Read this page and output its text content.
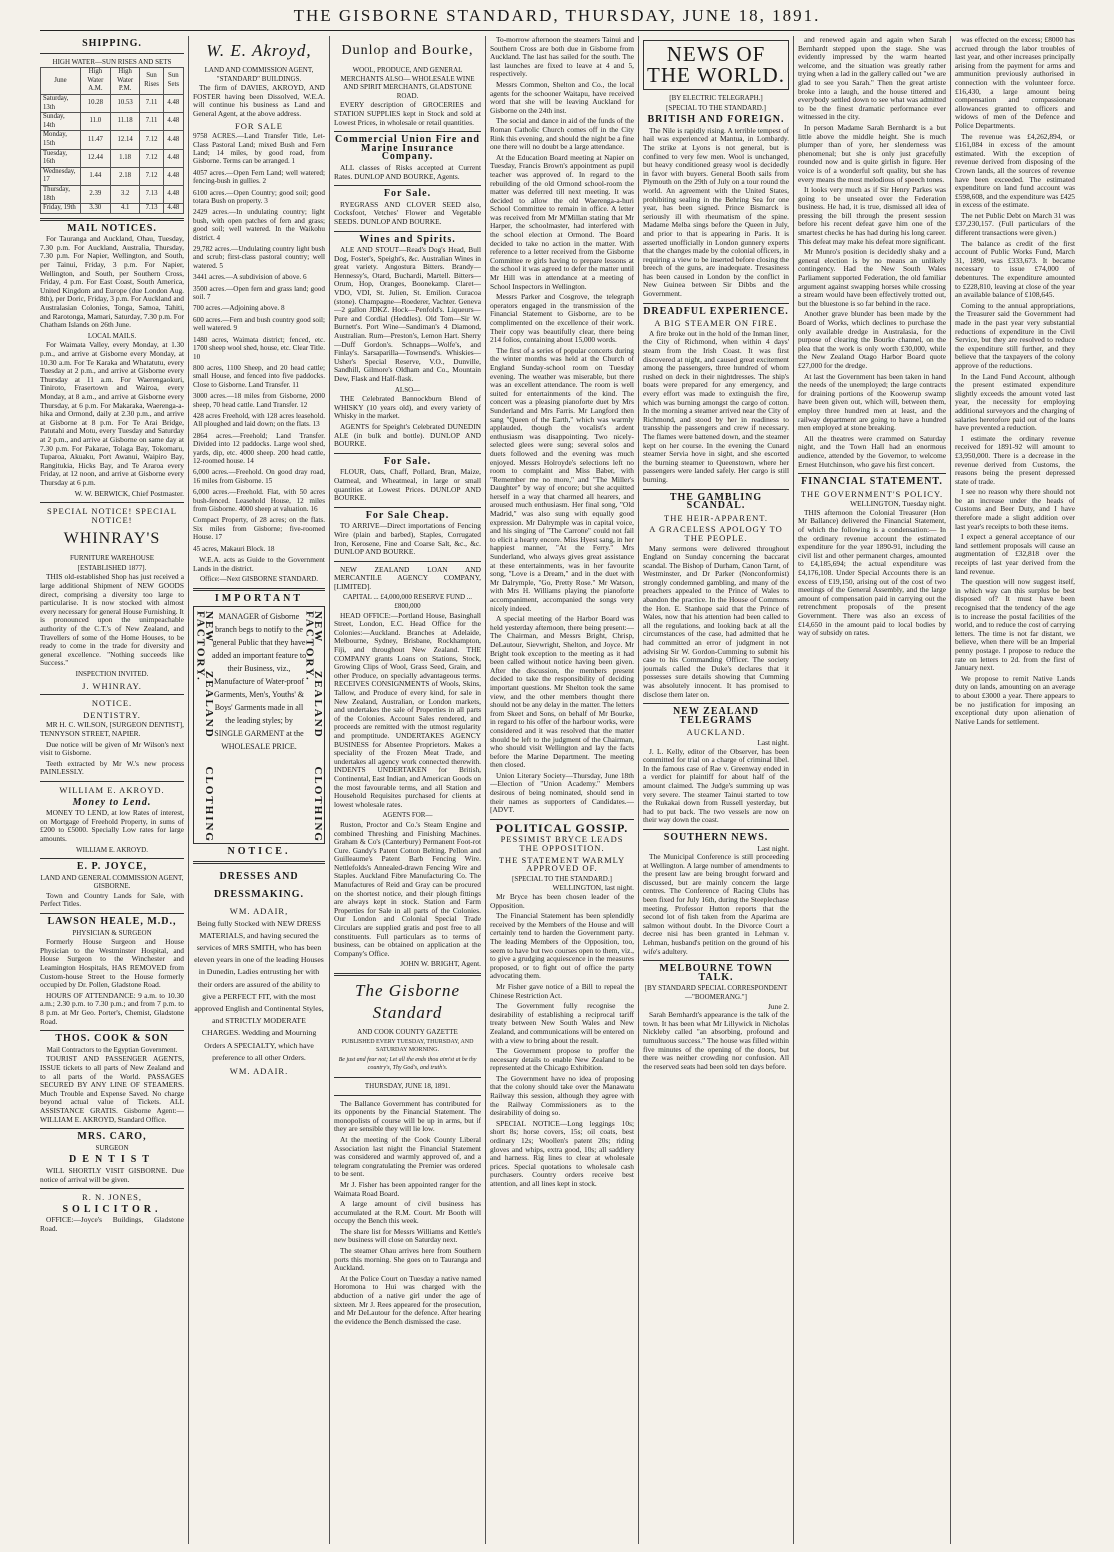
THE GISBORNE STANDARD, THURSDAY, JUNE 18, 1891.
SHIPPING.
HIGH WATER—SUN RISES AND SETS
June	High Water A.M.	High Water P.M.	Sun Rises	Sun Sets
Saturday, 13th	10.28	10.53	7.11	4.48
Sunday, 14th	11.0	11.18	7.11	4.48
Monday, 15th	11.47	12.14	7.12	4.48
Tuesday, 16th	12.44	1.18	7.12	4.48
Wednesday, 17	1.44	2.18	7.12	4.48
Thursday, 18th	2.39	3.2	7.13	4.48
Friday, 19th	3.30	4.1	7.13	4.48
MAIL NOTICES.

For Tauranga and Auckland, Ohau, Tuesday, 7.30 p.m. For Auckland, Australia, Thursday, 7.30 p.m. For Napier, Wellington, and South, per Tainui, Friday, 3 p.m. For Napier, Wellington, and South, per Southern Cross, Friday, 4 p.m. For East Coast, South America, United Kingdom and Europe (due London Aug. 8th), per Doric, Friday, 3 p.m. For Auckland and Australasian Colonies, Tonga, Samoa, Tahiti, and Rarotonga, Mamari, Saturday, 7.30 p.m. For Chatham Islands on 26th June.

LOCAL MAILS.

For Waimata Valley, every Monday, at 1.30 p.m., and arrive at Gisborne every Monday, at 10.30 a.m. For Te Karaka and Whatatutu, every Tuesday at 2 p.m., and arrive at Gisborne every Thursday at 11 a.m. For Waerengaokuri, Tiniroto, Frasertown and Wairoa, every Monday, at 8 a.m., and arrive at Gisborne every Thursday, at 6 p.m. For Makaraka, Waerenga-a-hika and Ormond, daily at 2.30 p.m., and arrive at Gisborne at 8 p.m. For Te Arai Bridge, Patutahi and Motu, every Tuesday and Saturday at 2 p.m., and arrive at Gisborne on same day at 7.30 p.m. For Pakarae, Tolaga Bay, Tokomaru, Tuparoa, Akuaku, Port Awanui, Waipiro Bay, Rangitukia, Hicks Bay, and Te Araroa every Friday, at 12 noon, and arrive at Gisborne every Thursday at 6 p.m.

W. W. BERWICK, Chief Postmaster.
SPECIAL NOTICE! SPECIAL NOTICE!
WHINRAY'S
FURNITURE WAREHOUSE
[ESTABLISHED 1877].

THIS old-established Shop has just received a large additional Shipment of NEW GOODS direct, comprising a diversity too large to particularise. It is now stocked with almost every necessary for general House Furnishing. It is pronounced upon the unimpeachable authority of the C.T.'s of New Zealand, and Travellers of some of the Home Houses, to be ready to come in the trade for diversity and general excellence. "Nothing succeeds like Success."

INSPECTION INVITED.
J. WHINRAY.
NOTICE.
DENTISTRY.

MR H. C. WILSON, [SURGEON DENTIST], TENNYSON STREET, NAPIER.

Due notice will be given of Mr Wilson's next visit to Gisborne.

Teeth extracted by Mr W.'s new process PAINLESSLY.

WILLIAM E. AKROYD.
Money to Lend.

MONEY TO LEND, at low Rates of interest, on Mortgage of Freehold Property, in sums of £200 to £5000. Specially Low rates for large amounts.

WILLIAM E. AKROYD.
E. P. JOYCE,
LAND AND GENERAL COMMISSION AGENT, GISBORNE.

Town and Country Lands for Sale, with Perfect Titles.

LAWSON HEALE, M.D.,
PHYSICIAN & SURGEON

Formerly House Surgeon and House Physician to the Westminster Hospital, and House Surgeon to the Winchester and Leamington Hospitals, HAS REMOVED from Custom-house Street to the House formerly occupied by Dr. Pollen, Gladstone Road.

HOURS OF ATTENDANCE: 9 a.m. to 10.30 a.m.; 2.30 p.m. to 7.30 p.m.; and from 7 p.m. to 8 p.m. at Mr Geo. Porter's, Chemist, Gladstone Road.

THOS. COOK & SON
Mail Contractors to the Egyptian Government.

TOURIST AND PASSENGER AGENTS, ISSUE tickets to all parts of New Zealand and to all parts of the World. PASSAGES SECURED BY ANY LINE OF STEAMERS. Much Trouble and Expense Saved. No charge beyond actual value of Tickets. ALL ASSISTANCE GRATIS. Gisborne Agent:—WILLIAM E. AKROYD, Standard Office.

MRS. CARO,
SURGEON
DENTIST

WILL SHORTLY VISIT GISBORNE. Due notice of arrival will be given.

R. N. JONES,
SOLICITOR.

OFFICE:—Joyce's Buildings, Gladstone Road.

W. E. Akroyd,
LAND AND COMMISSION AGENT, "STANDARD" BUILDINGS.

The firm of DAVIES, AKROYD, AND FOSTER having been Dissolved, W.E.A. will continue his business as Land and General Agent, at the above address.

FOR SALE
9758 ACRES.—Land Transfer Title, Let-Class Pastoral Land; mixed Bush and Fern Land; 14 miles, by good road, from Gisborne. Terms can be arranged. 1
4057 acres.—Open Fern Land; well watered; fencing-bush in gullies. 2
6100 acres.—Open Country; good soil; good totara Bush on property. 3
2429 acres.—In undulating country; light bush, with open patches of fern and grass; good soil; well watered. In the Waikohu district. 4
29,782 acres.—Undulating country light bush and scrub; first-class pastoral country; well watered. 5
3441 acres.—A subdivision of above. 6
3500 acres.—Open fern and grass land; good soil. 7
700 acres.—Adjoining above. 8
600 acres.—Fern and bush country good soil; well watered. 9
1480 acres, Waimata district; fenced, etc. 1700 sheep wool shed, house, etc. Clear Title. 10
800 acres, 1100 Sheep, and 20 head cattle; small House, and fenced into five paddocks. Close to Gisborne. Land Transfer. 11
3000 acres.—18 miles from Gisborne, 2000 sheep, 70 head cattle. Land Transfer. 12
428 acres Freehold, with 128 acres leasehold. All ploughed and laid down; on the flats. 13
2864 acres.—Freehold; Land Transfer. Divided into 12 paddocks. Large wool shed, yards, dip, etc. 4000 sheep. 200 head cattle, 12-roomed house. 14
6,000 acres.—Freehold. On good dray road, 16 miles from Gisborne. 15
6,000 acres.—Freehold. Flat, with 50 acres bush-fenced. Leasehold House, 12 miles from Gisborne. 4000 sheep at valuation. 16
Compact Property, of 28 acres; on the flats. Six miles from Gisborne; five-roomed House. 17
45 acres, Makauri Block. 18

W.E.A. acts as Guide to the Government Lands in the district.

Office:—Next GISBORNE STANDARD.
IMPORTANT
NEW ZEALAND CLOTHING FACTORY.	NEW ZEALAND CLOTHING FACTORY.

MANAGER of Gisborne branch begs to notify to the general Public that they have added an important feature to their Business, viz., Manufacture of Water-proof Garments, Men's, Youths' & Boys' Garments made in all the leading styles; by SINGLE GARMENT at the WHOLESALE PRICE.

NOTICE.
DRESSES AND DRESSMAKING.
WM. ADAIR,

Being fully Stocked with NEW DRESS MATERIALS, and having secured the services of MRS SMITH, who has been eleven years in one of the leading Houses in Dunedin, Ladies entrusting her with their orders are assured of the ability to give a PERFECT FIT, with the most approved English and Continental Styles, and STRICTLY MODERATE CHARGES. Wedding and Mourning Orders A SPECIALTY, which have preference to all other Orders.

WM. ADAIR.
Dunlop and Bourke,
WOOL, PRODUCE, AND GENERAL MERCHANTS ALSO— WHOLESALE WINE AND SPIRIT MERCHANTS, GLADSTONE ROAD.

EVERY description of GROCERIES and STATION SUPPLIES kept in Stock and sold at Lowest Prices, in wholesale or retail quantities.

Commercial Union Fire and Marine Insurance Company.

ALL classes of Risks accepted at Current Rates. DUNLOP AND BOURKE, Agents.

For Sale.

RYEGRASS AND CLOVER SEED also, Cocksfoot, Vetches' Flower and Vegetable SEEDS. DUNLOP AND BOURKE.

Wines and Spirits.

ALE AND STOUT—Read's Dog's Head, Bull Dog, Foster's, Speight's, &c. Australian Wines in great variety. Angostura Bitters. Brandy—Hennessy's, Otard, Buchardi, Martell. Bitters—Orum, Hop, Oranges, Boonekamp. Claret—VDO, VDI, St. Julien, St. Emilion. Curacoa (stone). Champagne—Roederer, Vachter. Geneva—2 gallon JDKZ. Hock—Penfold's. Liqueurs—Pure and Cordial (Heddles). Old Tom—Sir W. Burnett's. Port Wine—Sandiman's 4 Diamond, Australian. Rum—Preston's, Lemon Hart. Sherry—Duff Gordon's. Schnapps—Wolfe's, and Finlay's. Sarsaparilla—Townsend's. Whiskies—Usher's Special Reserve, V.O., Dunville, Sandhill, Gilmore's Oldham and Co., Mountain Dew, Flask and Half-flask.

ALSO—

THE Celebrated Bannockburn Blend of WHISKY (10 years old), and every variety of Whisky in the market.

AGENTS for Speight's Celebrated DUNEDIN ALE (in bulk and bottle). DUNLOP AND BOURKE.

For Sale.

FLOUR, Oats, Chaff, Pollard, Bran, Maize, Oatmeal, and Wheatmeal, in large or small quantities at Lowest Prices. DUNLOP AND BOURKE.

For Sale Cheap.

TO ARRIVE—Direct importations of Fencing Wire (plain and barbed), Staples, Corrugated Iron, Kerosene, Fine and Coarse Salt, &c., &c. DUNLOP AND BOURKE.

NEW ZEALAND LOAN AND MERCANTILE AGENCY COMPANY, [LIMITED].

CAPITAL ... £4,000,000 RESERVE FUND ... £800,000

HEAD OFFICE:—Portland House, Basinghall Street, London, E.C. Head Office for the Colonies:—Auckland. Branches at Adelaide, Melbourne, Sydney, Brisbane, Rockhampton, Fiji, and throughout New Zealand. THE COMPANY grants Loans on Stations, Stock, Growing Clips of Wool, Grass Seed, Grain, and other Produce, on specially advantageous terms. RECEIVES CONSIGNMENTS of Wools, Skins, Tallow, and Produce of every kind, for sale in New Zealand, Australian, or London markets, and undertakes the sale of Properties in all parts of the Colonies. Account Sales rendered, and proceeds are remitted with the utmost regularity and promptitude. UNDERTAKES AGENCY BUSINESS for Absentee Proprietors. Makes a speciality of the Frozen Meat Trade, and undertakes all agency work connected therewith. INDENTS UNDERTAKEN for British, Continental, East Indian, and American Goods on the most favourable terms, and all Station and Household Requisites purchased for clients at lowest wholesale rates.

AGENTS FOR—

Ruston, Proctor and Co.'s Steam Engine and combined Threshing and Finishing Machines. Graham & Co's (Canterbury) Permanent Foot-rot Cure. Gandy's Patent Cotton Belting. Pellon and Guilleaume's Patent Barb Fencing Wire. Nettlefolds's Annealed-drawn Fencing Wire and Staples. Auckland Fibre Manufacturing Co. The Manufactures of Reid and Gray can be procured on the shortest notice, and their plough fittings are always kept in stock. Station and Farm Properties for Sale in all parts of the Colonies. Our London and Colonial Special Trade Circulars are supplied gratis and post free to all constituents. Full particulars as to terms of business, can be obtained on application at the Company's Office.

JOHN W. BRIGHT, Agent.
The Gisborne Standard
AND COOK COUNTY GAZETTE
PUBLISHED EVERY TUESDAY, THURSDAY, AND SATURDAY MORNING.
Be just and fear not; Let all the ends thou aim'st at be thy country's, Thy God's, and truth's.
THURSDAY, JUNE 18, 1891.

The Ballance Government has contributed for its opponents by the Financial Statement. The monopolists of course will be up in arms, but if they are sensible they will lie low.

At the meeting of the Cook County Liberal Association last night the Financial Statement was considered and warmly approved of, and a telegram congratulating the Premier was ordered to be sent.

Mr J. Fisher has been appointed ranger for the Waimata Road Board.

A large amount of civil business has accumulated at the R.M. Court. Mr Booth will occupy the Bench this week.

The share list for Messrs Williams and Kettle's new business will close on Saturday next.

The steamer Ohau arrives here from Southern ports this morning. She goes on to Tauranga and Auckland.

At the Police Court on Tuesday a native named Horomona to Hui was charged with the abduction of a native girl under the age of sixteen. Mr J. Rees appeared for the prosecution, and Mr DeLautour for the defence. After hearing the evidence the Bench dismissed the case.

To-morrow afternoon the steamers Tainui and Southern Cross are both due in Gisborne from Auckland. The last has sailed for the south. The last launches are fixed to leave at 4 and 5, respectively.

Messrs Common, Shelton and Co., the local agents for the schooner Waitapu, have received word that she will be leaving Auckland for Gisborne on the 24th inst.

The social and dance in aid of the funds of the Roman Catholic Church comes off in the City Rink this evening, and should the night be a fine one there will no doubt be a large attendance.

At the Education Board meeting at Napier on Tuesday, Francis Brown's appointment as pupil teacher was approved of. In regard to the rebuilding of the old Ormond school-room the matter was deferred till next meeting. It was decided to allow the old Waerenga-a-huri School Committee to remain in office. A letter was received from Mr M'Millan stating that Mr Harper, the schoolmaster, had interfered with the school election at Ormond. The Board decided to take no action in the matter. With reference to a letter received from the Gisborne Committee re girls having to prepare lessons at the school it was agreed to defer the matter until Mr Hill was in attendance at a meeting of School Inspectors in Wellington.

Messrs Parker and Cosgrove, the telegraph operators engaged in the transmission of the Financial Statement to Gisborne, are to be complimented on the excellence of their work. Their copy was beautifully clear, there being 214 folios, containing about 15,000 words.

The first of a series of popular concerts during the winter months was held at the Church of England Sunday-school room on Tuesday evening. The weather was miserable, but there was an excellent attendance. The room is well suited for entertainments of the kind. The concert was a pleasing pianoforte duet by Mrs Sunderland and Mrs Farris. Mr Langford then sang "Queen of the Earth," which was warmly applauded, though the vocalist's ardent enthusiasm was disappointing. Two nicely-selected glees were sung; several solos and duets followed and the evening was much enjoyed. Messrs Holroyde's selections left no room to complaint and Miss Baber, with "Remember me no more," and "The Miller's Daughter" by way of encore; but she acquitted herself in a way that charmed all hearers, and aroused much enthusiasm. Her final song, "Old Madrid," was also sung with equally good expression. Mr Dalrymple was in capital voice, and his singing of "The Carrone" could not fail to elicit a hearty encore. Miss Hyest sang, in her happiest manner, "At the Ferry." Mrs Sunderland, who always gives great assistance at these entertainments, was in her favourite song, "Love is a Dream," and in the duet with Mr Dalrymple, "Go, Pretty Rose." Mr Watson, with Mrs H. Williams playing the pianoforte accompaniment, accompanied the songs very nicely indeed.

A special meeting of the Harbor Board was held yesterday afternoon, there being present:—The Chairman, and Messrs Bright, Chrisp, DeLautour, Sievwright, Shelton, and Joyce. Mr Bright took exception to the meeting as it had been called without notice having been given. After the discussion, the members present decided to take the responsibility of deciding important questions. Mr Shelton took the same view, and the other members thought there should not be any delay in the matter. The letters from Skeet and Sons, on behalf of Mr Bourke, in regard to his offer of the harbour works, were considered and it was resolved that the matter should be left to the judgment of the Chairman, who should visit Wellington and lay the facts before the Marine Department. The meeting then closed.

Union Literary Society—Thursday, June 18th—Election of "Union Academy." Members desirous of being nominated, should send in their names as supporters of Candidates.—[ADVT.

POLITICAL GOSSIP.
PESSIMIST BRYCE LEADS THE OPPOSITION.
THE STATEMENT WARMLY APPROVED OF.
[SPECIAL TO THE STANDARD.]
WELLINGTON, last night.

Mr Bryce has been chosen leader of the Opposition.

The Financial Statement has been splendidly received by the Members of the House and will certainly tend to harden the Government party. The leading Members of the Opposition, too, seem to have but two courses open to them, viz., to give a grudging acquiescence in the measures proposed, or to fight out of office the party advocating them.

Mr Fisher gave notice of a Bill to repeal the Chinese Restriction Act.

The Government fully recognise the desirability of establishing a reciprocal tariff treaty between New South Wales and New Zealand, and communications will be entered on with a view to bring about the result.

The Government propose to proffer the necessary details to enable New Zealand to be represented at the Chicago Exhibition.

The Government have no idea of proposing that the colony should take over the Manawatu Railway this session, although they agree with the Railway Commissioners as to the desirability of doing so.

SPECIAL NOTICE—Long leggings 10s; short 8s; horse covers, 15s; oil coats, best ordinary 12s; Woollen's patent 20s; riding gloves and whips, extra good, 10s; all saddlery and harness. Rig lines to clear at wholesale prices. Special quotations to wholesale cash purchasers. Country orders receive best attention, and all lines kept in stock.

NEWS OF THE WORLD.
[BY ELECTRIC TELEGRAPH.]
[SPECIAL TO THE STANDARD.]
BRITISH AND FOREIGN.

The Nile is rapidly rising. A terrible tempest of hail was experienced at Mantua, in Lombardy. The strike at Lyons is not general, but is confined to very few men. Wool is unchanged, but heavy conditioned greasy wool is decidedly in favor with buyers. General Booth sails from Plymouth on the 29th of July on a tour round the world. An agreement with the United States, prohibiting sealing in the Behring Sea for one year, has been signed. Prince Bismarck is seriously ill with rheumatism of the spine. Madame Melba sings before the Queen in July, and prior to that is appearing in Paris. It is asserted unofficially in London gunnery experts that the changes made by the colonial officers, in requiring a view to be inserted before closing the breech of the guns, are inadequate. Tresasiness has been caused in London by the conflict in New Guinea between Sir Dibbs and the Government.

DREADFUL EXPERIENCE.
A BIG STEAMER ON FIRE.

A fire broke out in the hold of the Inman liner, the City of Richmond, when within 4 days' steam from the Irish Coast. It was first discovered at night, and caused great excitement among the passengers, three hundred of whom rushed on deck in their nightdresses. The ship's boats were prepared for any emergency, and every effort was made to extinguish the fire, which was burning amongst the cargo of cotton. In the morning a steamer arrived near the City of Richmond, and stood by her in readiness to transship the passengers and crew if necessary. The flames were battened down, and the steamer kept on her course. In the evening the Cunard steamer Servia hove in sight, and she escorted the burning steamer to Queenstown, where her passengers were landed safely. Her cargo is still burning.

THE GAMBLING SCANDAL.
THE HEIR-APPARENT.
A GRACELESS APOLOGY TO THE PEOPLE.

Many sermons were delivered throughout England on Sunday concerning the baccarat scandal. The Bishop of Durham, Canon Tarnt, of Westminster, and Dr Parker (Nonconformist) strongly condemned gambling, and many of the preachers appealed to the Prince of Wales to abandon the practice. In the House of Commons the Hon. E. Stanhope said that the Prince of Wales, now that his attention had been called to all the regulations, and looking back at all the circumstances of the case, had admitted that he had committed an error of judgment in not advising Sir W. Gordon-Cumming to submit his case to his Commanding Officer. The society journals called the Duke's declares that it possesses sure details showing that Cumming was absolutely innocent. It has promised to disclose them later on.

NEW ZEALAND TELEGRAMS
AUCKLAND.
Last night.

J. L. Kelly, editor of the Observer, has been committed for trial on a charge of criminal libel. In the famous case of Rae v. Greenway ended in a verdict for plaintiff for about half of the amount claimed. The Judge's summing up was very severe. The steamer Tainui started to tow the Rukakai down from Russell yesterday, but had to put back. The two vessels are now on their way down the coast.

SOUTHERN NEWS.
Last night.

The Municipal Conference is still proceeding at Wellington. A large number of amendments to the present law are being brought forward and discussed, but are mainly concern the large centres. The Conference of Racing Clubs has been fixed for July 16th, during the Steeplechase meeting. Professor Hutton reports that the second lot of fish taken from the Aparima are salmon without doubt. In the Divorce Court a decree nisi has been granted in Lehman v. Lehman, husband's petition on the ground of his wife's adultery.

MELBOURNE TOWN TALK.
[BY STANDARD SPECIAL CORRESPONDENT—"BOOMERANG."]
June 2.

Sarah Bernhardt's appearance is the talk of the town. It has been what Mr Lillywick in Nicholas Nickleby called "an absorbing, profound and tumultuous success." The house was filled within five minutes of the opening of the doors, but there was neither crowding nor confusion. All the reserved seats had been sold ten days before.

and renewed again and again when Sarah Bernhardt stepped upon the stage. She was evidently impressed by the warm hearted welcome, and the situation was greatly rather trying when a lad in the gallery called out "we are glad to see you Sarah." Then the great artiste broke into a laugh, and the house tittered and everybody settled down to see what was admitted to be the finest dramatic performance ever witnessed in the city.

In person Madame Sarah Bernhardt is a but little above the middle height. She is much plumper than of yore, her slenderness was phenomenal; but she is only just gracefully rounded now and is quite girlish in figure. Her voice is of a wonderful soft quality, but she has every means the most melodious of speech tones.

It looks very much as if Sir Henry Parkes was going to be unseated over the Federation business. He had, it is true, dismissed all idea of pressing the bill through the present session before his recent defeat gave him one of the smartest checks he has had during his long career. This defeat may make his defeat more significant.

Mr Munro's position is decidedly shaky and a general election is by no means an unlikely contingency. Had the New South Wales Parliament supported Federation, the old familiar argument against swapping horses while crossing a stream would have been effectively trotted out, but the bluestone is so far behind in the race.

Another grave blunder has been made by the Board of Works, which declines to purchase the only available dredge in Australasia, for the purpose of clearing the Bourke channel, on the plea that the work is only worth £30,000, while the New Zealand Otago Harbor Board quote £27,000 for the dredge.

At last the Government has been taken in hand the needs of the unemployed; the large contracts for draining portions of the Koowerup swamp have been given out, which will, between them, employ three hundred men at least, and the railway department are going to have a hundred men employed at stone breaking.

All the theatres were crammed on Saturday night, and the Town Hall had an enormous audience, attended by the Governor, to welcome Ernest Hutchinson, who gave his first concert.

FINANCIAL STATEMENT.
THE GOVERNMENT'S POLICY.
WELLINGTON, Tuesday night.

THIS afternoon the Colonial Treasurer (Hon Mr Ballance) delivered the Financial Statement, of which the following is a condensation:— In the ordinary revenue account the estimated expenditure for the year 1890-91, including the civil list and other permanent charges, amounted to £4,185,694; the actual expenditure was £4,176,108. Under Special Accounts there is an excess of £19,150, arising out of the cost of two meetings of the General Assembly, and the large amount of compensation paid in carrying out the retrenchment proposals of the present Government. There was also an excess of £14,650 in the amount paid to local bodies by way of subsidy on rates.

was effected on the excess; £8000 has accrued through the labor troubles of last year, and other increases principally arising from the payment for arms and ammunition previously authorised in connection with the volunteer force. £16,430, a large amount being compensation and compassionate allowances granted to officers and widows of men of the Defence and Police Departments.

The revenue was £4,262,894, or £161,084 in excess of the amount estimated. With the exception of revenue derived from disposing of the Crown lands, all the sources of revenue have been exceeded. The estimated expenditure on land fund account was £598,608, and the expenditure was £425 in excess of the estimate.

The net Public Debt on March 31 was £37,230,157. (Full particulars of the different transactions were given.)

The balance as credit of the first account of Public Works Fund, March 31, 1890, was £333,673. It became necessary to issue £74,000 of debentures. The expenditure amounted to £228,810, leaving at close of the year an available balance of £108,645.

Coming to the annual appropriations, the Treasurer said the Government had made in the past year very substantial reductions of expenditure in the Civil Service, but they are resolved to reduce the expenditure still further, and they believe that the taxpayers of the colony approve of the reductions.

In the Land Fund Account, although the present estimated expenditure slightly exceeds the amount voted last year, the necessity for employing additional surveyors and the charging of salaries heretofore paid out of the loans have prevented a reduction.

I estimate the ordinary revenue received for 1891-92 will amount to £3,950,000. There is a decrease in the revenue derived from Customs, the reasons being the present depressed state of trade.

I see no reason why there should not be an increase under the heads of Customs and Beer Duty, and I have therefore made a slight addition over last year's receipts to both these items.

I expect a general acceptance of our land settlement proposals will cause an augmentation of £32,818 over the receipts of last year derived from the land revenue.

The question will now suggest itself, in which way can this surplus be best disposed of? It must have been recognised that the tendency of the age is to increase the postal facilities of the world, and to reduce the cost of carrying letters. The time is not far distant, we believe, when there will be an Imperial penny postage. I propose to reduce the rate on letters to 2d. from the first of January next.

We propose to remit Native Lands duty on lands, amounting on an average to about £3000 a year. There appears to be no justification for imposing an exceptional duty upon alienation of Native Lands for settlement.
